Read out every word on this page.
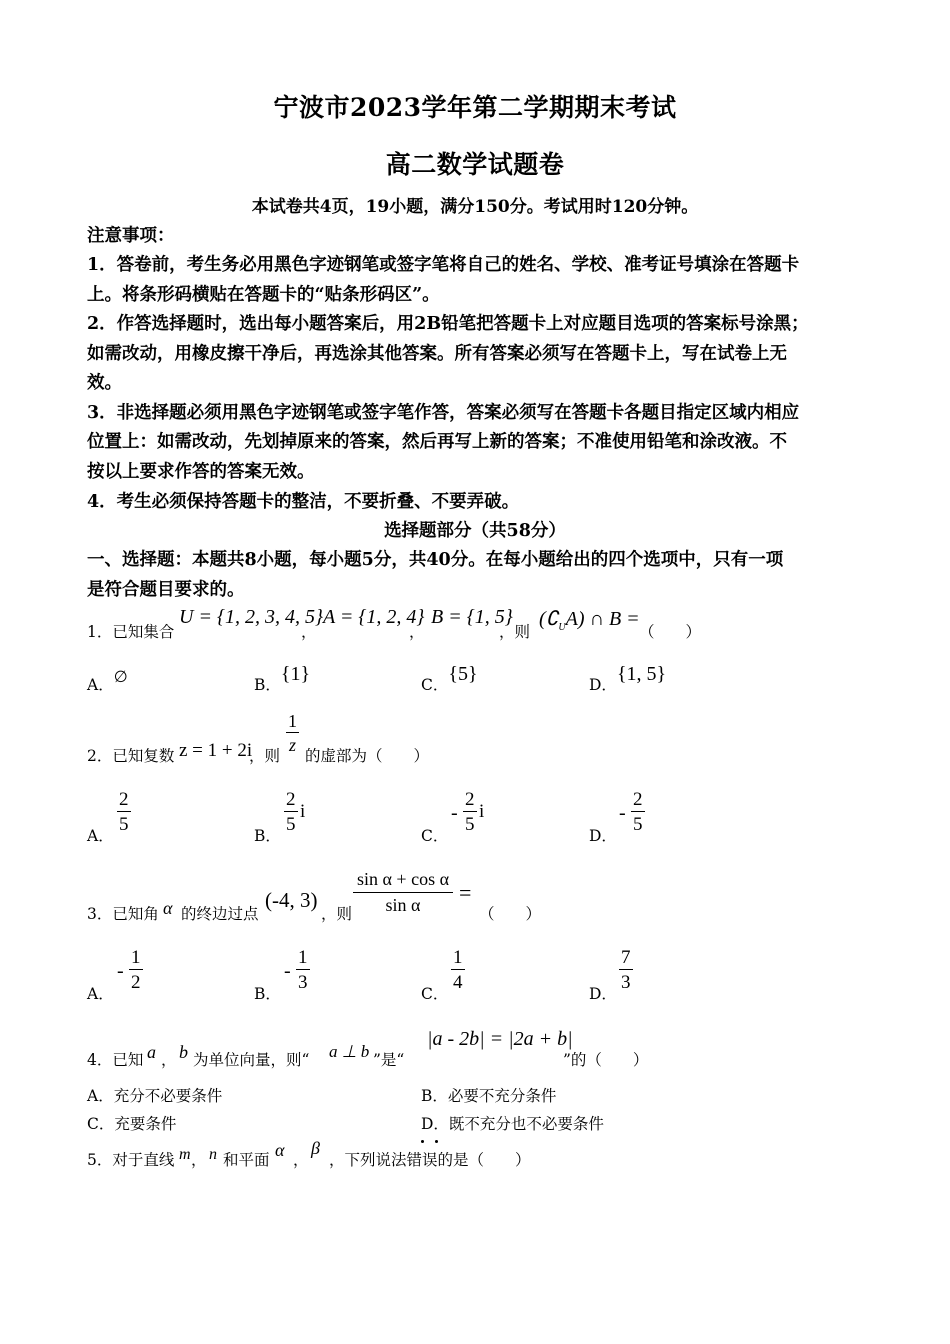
宁波市2023学年第二学期期末考试
高二数学试题卷
本试卷共4页，19小题，满分150分。考试用时120分钟。
注意事项：
1．答卷前，考生务必用黑色字迹钢笔或签字笔将自己的姓名、学校、准考证号填涂在答题卡
上。将条形码横贴在答题卡的“贴条形码区”。
2．作答选择题时，选出每小题答案后，用2B铅笔把答题卡上对应题目选项的答案标号涂黑；
如需改动，用橡皮擦干净后，再选涂其他答案。所有答案必须写在答题卡上，写在试卷上无
效。
3．非选择题必须用黑色字迹钢笔或签字笔作答，答案必须写在答题卡各题目指定区域内相应
位置上：如需改动，先划掉原来的答案，然后再写上新的答案；不准使用铅笔和涂改液。不
按以上要求作答的答案无效。
4．考生必须保持答题卡的整洁，不要折叠、不要弄破。
选择题部分（共58分）
一、选择题：本题共8小题，每小题5分，共40分。在每小题给出的四个选项中，只有一项
是符合题目要求的。
1．已知集合
U = {1, 2, 3, 4, 5}
，
A = {1, 2, 4}
，
B = {1, 5}
，则
$(∁_UA)$ ∩ B =
（　　）
A．∅	B．{1}	C．{5}	D．{1, 5}
2．已知复数 z = 1 + 2i
，则
$\frac{1}{z}$
的虚部为（　　）
A．
$\frac{2}{5}$
B．
$\frac{2}{5}$ i
C．
- $\frac{2}{5}$ i
D．
- $\frac{2}{5}$
3．已知角 α 的终边过点
(-4, 3)
，则 $\frac{\text{sin α + cos α}}{\text{sin α}}$ =
（　　）
A．
- $\frac{1}{2}$
B．
- $\frac{1}{3}$
C．
$\frac{1}{4}$
D．
$\frac{7}{3}$
4．已知 a ， b 为单位向量，则“ a ⊥ b ”是“
|a - 2b| = |2a + b|
”的（　　）
A．充分不必要条件	B．必要不充分条件
C．充要条件	D．既不充分也不必要条件
5．对于直线 m ， n 和平面 α ，
β
，下列说法错误的是（　　）
